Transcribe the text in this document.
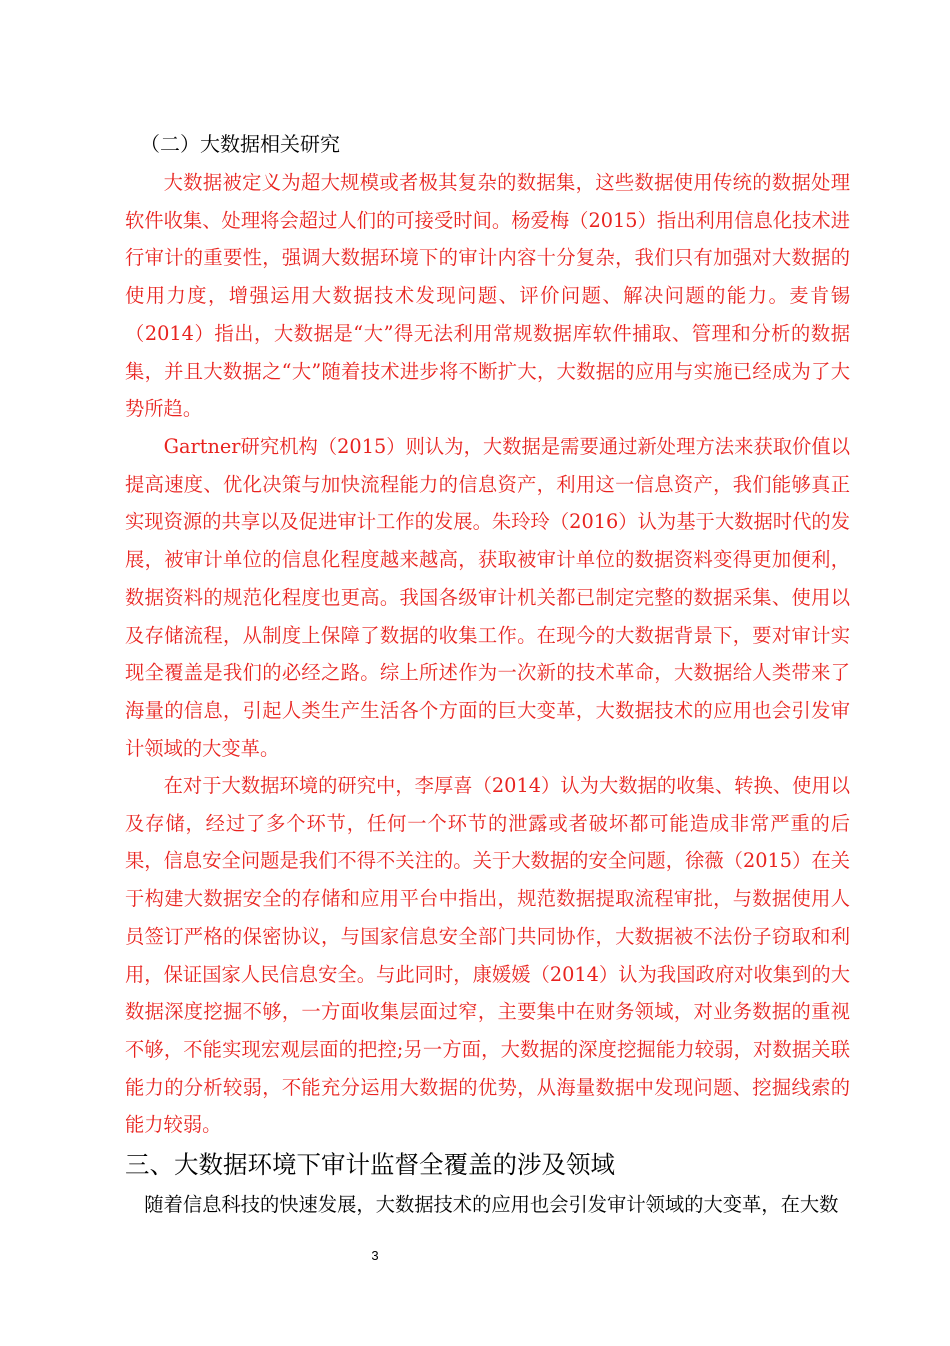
（二）大数据相关研究

大数据被定义为超大规模或者极其复杂的数据集，这些数据使用传统的数据处理软件收集、处理将会超过人们的可接受时间。杨爱梅（2015）指出利用信息化技术进行审计的重要性，强调大数据环境下的审计内容十分复杂，我们只有加强对大数据的使用力度，增强运用大数据技术发现问题、评价问题、解决问题的能力。麦肯锡（2014）指出，大数据是“大”得无法利用常规数据库软件捕取、管理和分析的数据集，并且大数据之“大”随着技术进步将不断扩大，大数据的应用与实施已经成为了大势所趋。

Gartner研究机构（2015）则认为，大数据是需要通过新处理方法来获取价值以提高速度、优化决策与加快流程能力的信息资产，利用这一信息资产，我们能够真正实现资源的共享以及促进审计工作的发展。朱玲玲（2016）认为基于大数据时代的发展，被审计单位的信息化程度越来越高，获取被审计单位的数据资料变得更加便利，数据资料的规范化程度也更高。我国各级审计机关都已制定完整的数据采集、使用以及存储流程，从制度上保障了数据的收集工作。在现今的大数据背景下，要对审计实现全覆盖是我们的必经之路。综上所述作为一次新的技术革命，大数据给人类带来了海量的信息，引起人类生产生活各个方面的巨大变革，大数据技术的应用也会引发审计领域的大变革。

在对于大数据环境的研究中，李厚喜（2014）认为大数据的收集、转换、使用以及存储，经过了多个环节，任何一个环节的泄露或者破坏都可能造成非常严重的后果，信息安全问题是我们不得不关注的。关于大数据的安全问题，徐薇（2015）在关于构建大数据安全的存储和应用平台中指出，规范数据提取流程审批，与数据使用人员签订严格的保密协议，与国家信息安全部门共同协作，大数据被不法份子窃取和利用，保证国家人民信息安全。与此同时，康媛媛（2014）认为我国政府对收集到的大数据深度挖掘不够，一方面收集层面过窄，主要集中在财务领域，对业务数据的重视不够，不能实现宏观层面的把控;另一方面，大数据的深度挖掘能力较弱，对数据关联能力的分析较弱，不能充分运用大数据的优势，从海量数据中发现问题、挖掘线索的能力较弱。

三、大数据环境下审计监督全覆盖的涉及领域

随着信息科技的快速发展，大数据技术的应用也会引发审计领域的大变革，在大数

3
